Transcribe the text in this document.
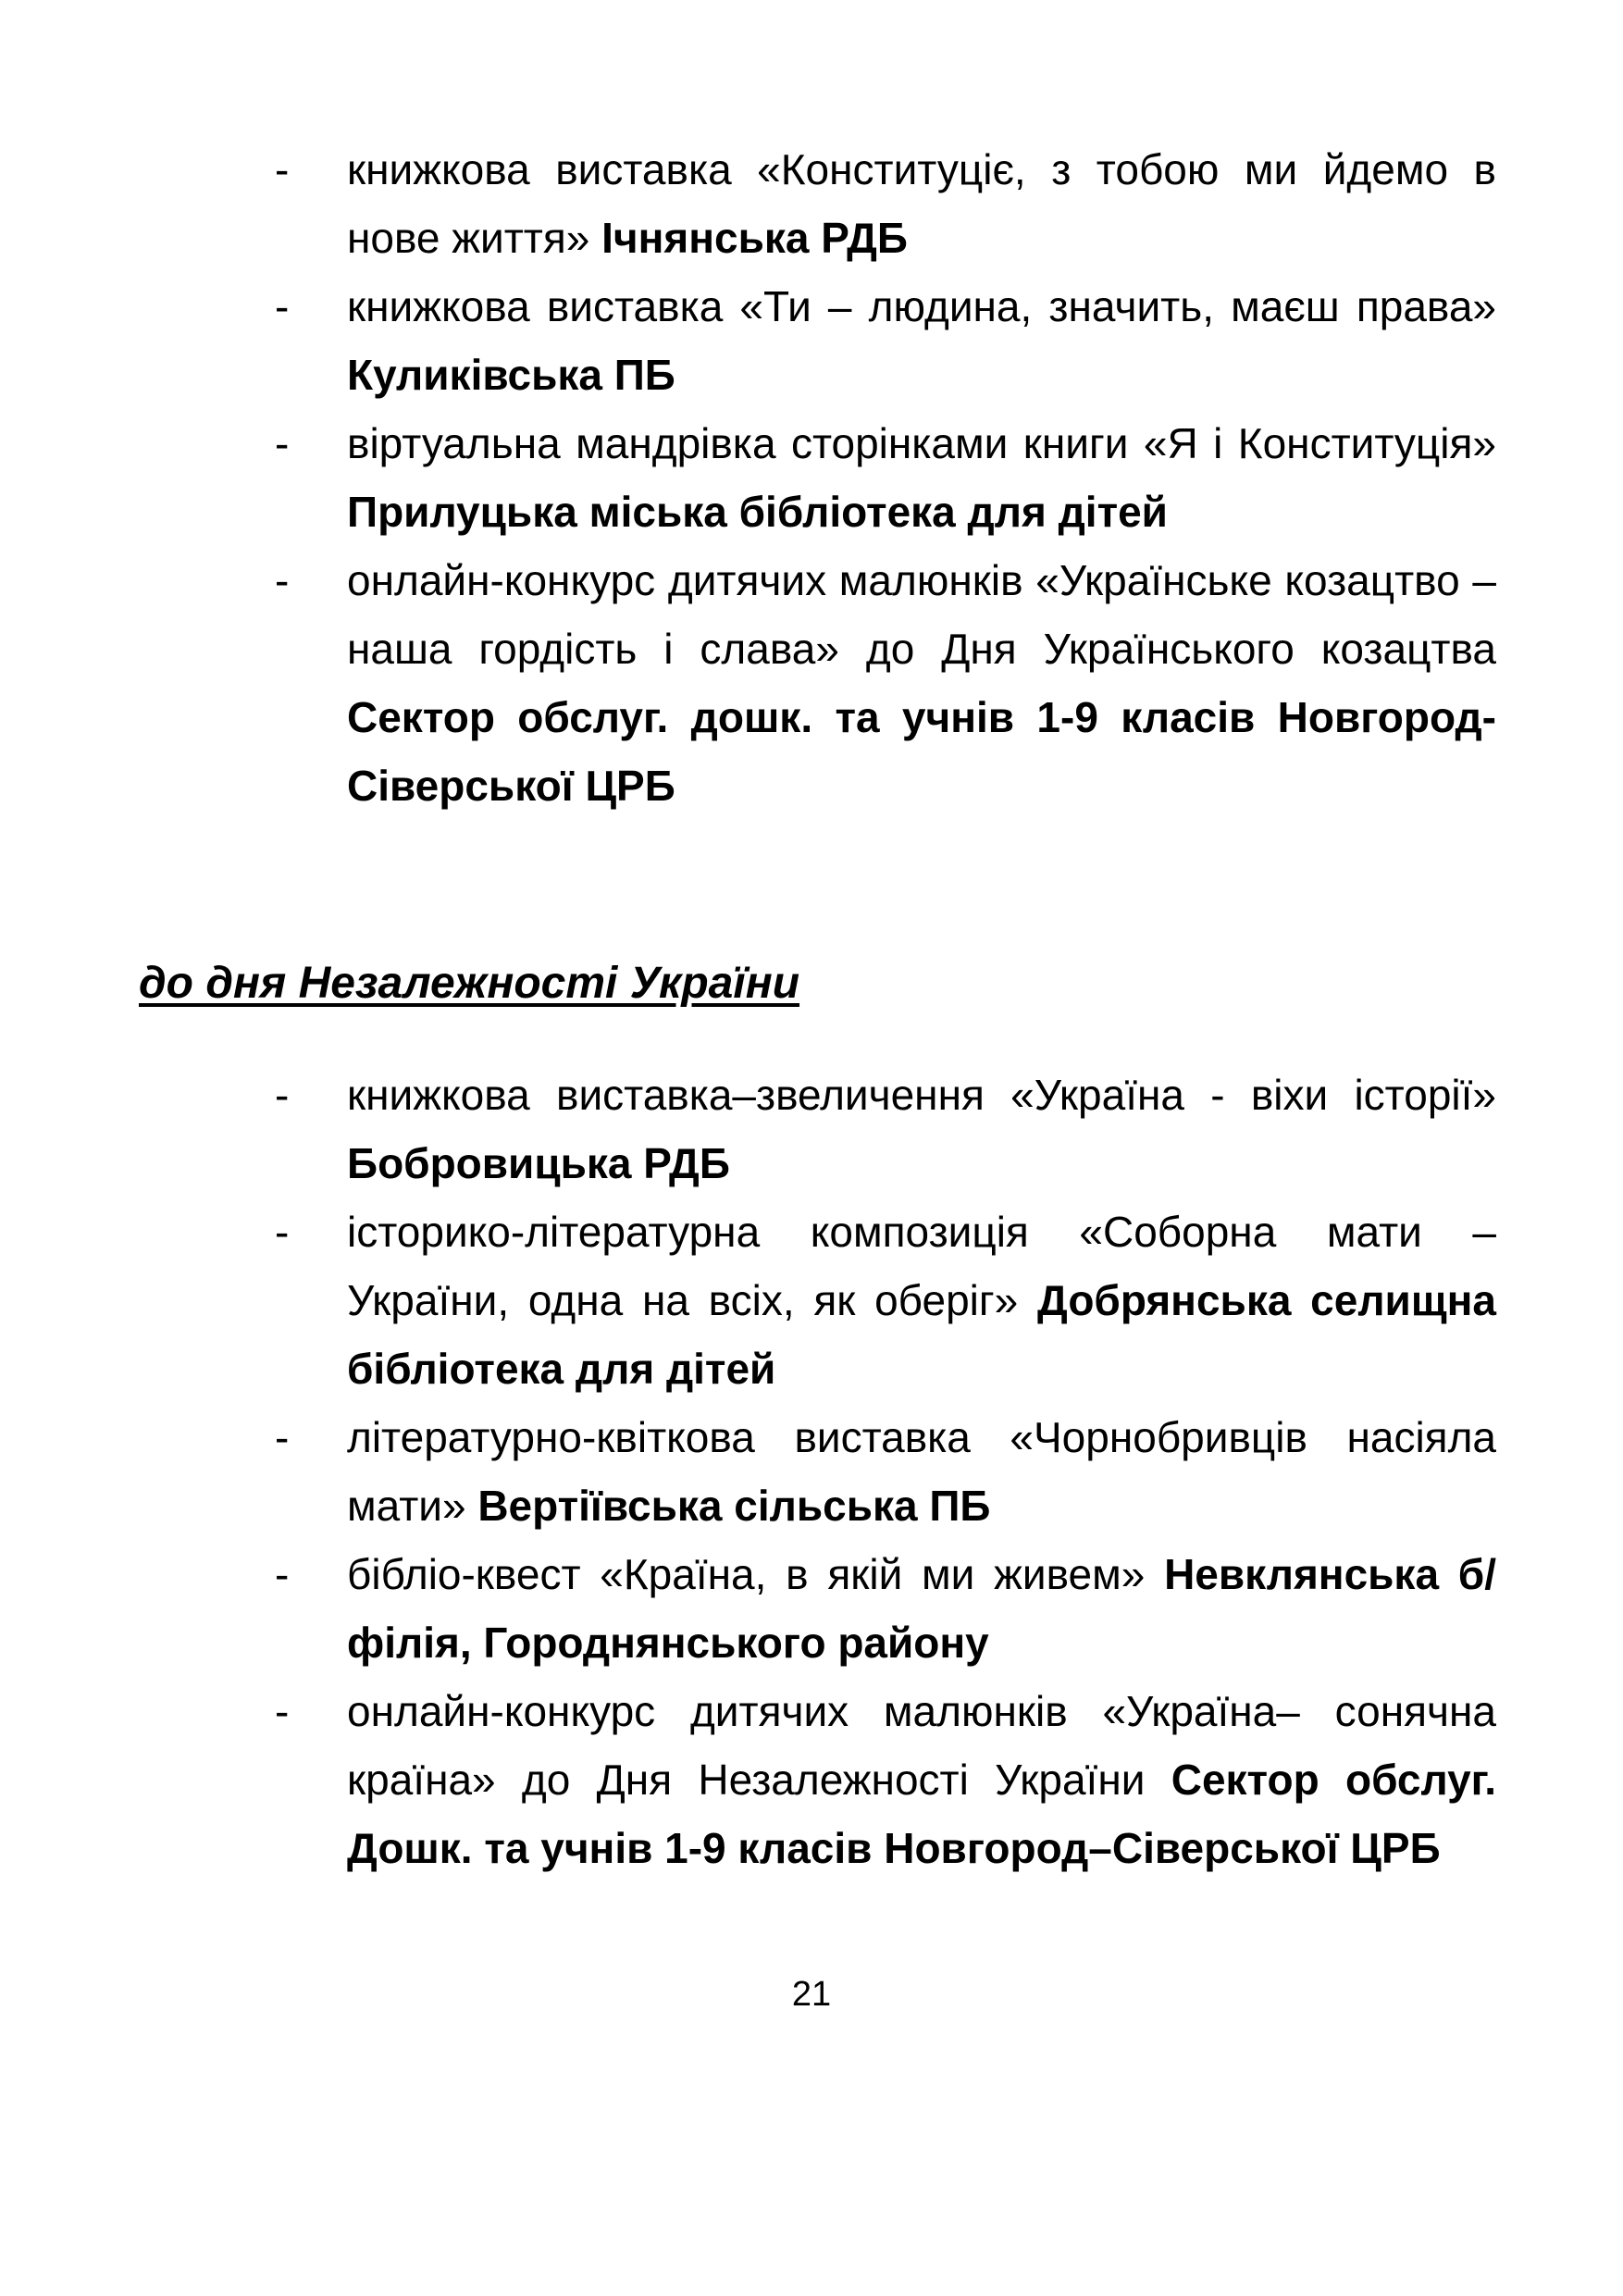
-	книжкова виставка «Конституціє, з тобою ми йдемо в нове життя» Ічнянська РДБ
-	книжкова виставка «Ти – людина, значить, маєш права» Куликівська ПБ
-	віртуальна мандрівка сторінками книги «Я і Конституція» Прилуцька міська бібліотека для дітей
-	онлайн-конкурс дитячих малюнків «Українське козацтво – наша гордість і слава» до Дня Українського козацтва Сектор обслуг. дошк. та учнів 1-9 класів Новгород-Сіверської ЦРБ
до дня Незалежності України
-	книжкова виставка–звеличення «Україна - віхи історії» Бобровицька РДБ
-	історико-літературна композиція «Соборна мати – України, одна на всіх, як оберіг» Добрянська селищна бібліотека для дітей
-	літературно-квіткова виставка «Чорнобривців насіяла мати» Вертіївська сільська ПБ
-	бібліо-квест «Країна, в якій ми живем» Невклянська б/філія, Городнянського району
-	онлайн-конкурс дитячих малюнків «Україна– сонячна країна» до Дня Незалежності України Сектор обслуг. Дошк. та учнів 1-9 класів Новгород–Сіверської ЦРБ
21
